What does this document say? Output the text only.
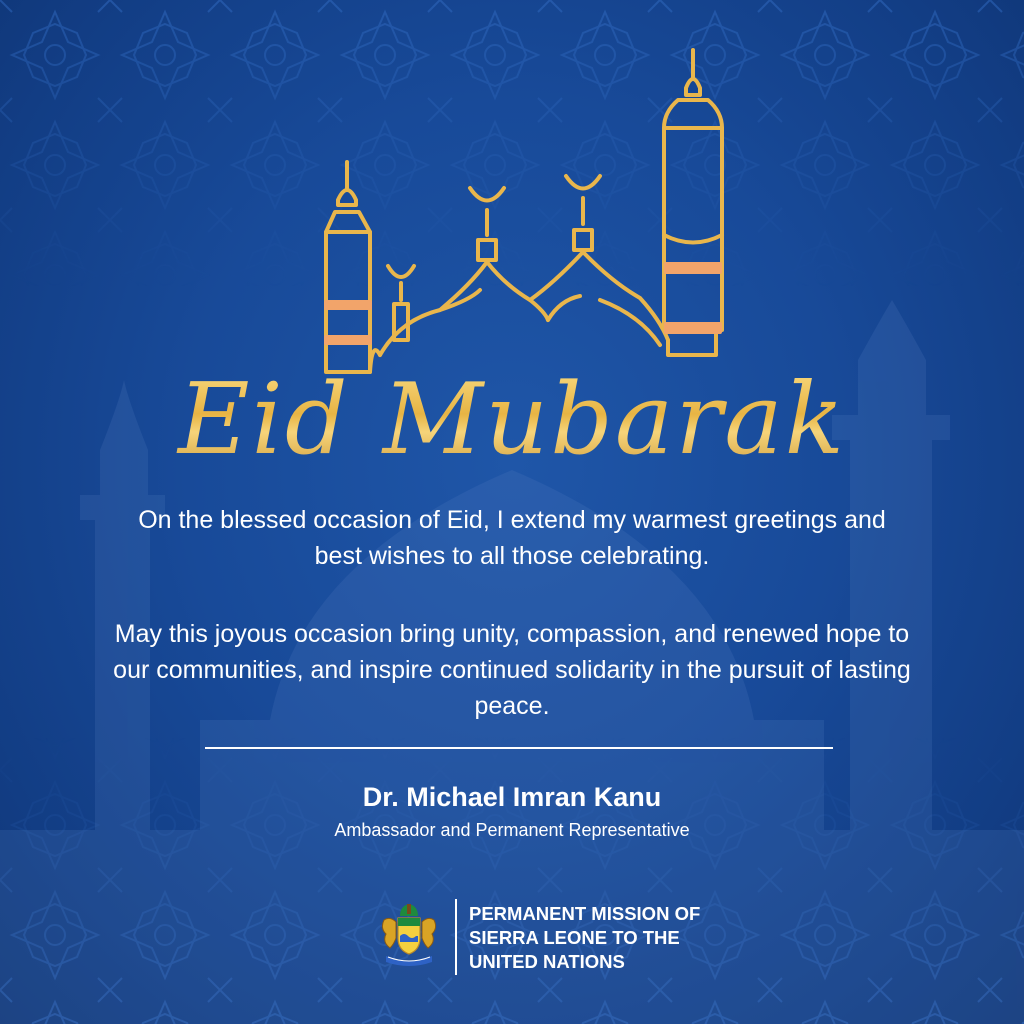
Eid Mubarak

On the blessed occasion of Eid, I extend my warmest greetings and best wishes to all those celebrating.

May this joyous occasion bring unity, compassion, and renewed hope to our communities, and inspire continued solidarity in the pursuit of lasting peace.

Dr. Michael Imran Kanu
Ambassador and Permanent Representative
PERMANENT MISSION OF
SIERRA LEONE TO THE
UNITED NATIONS
